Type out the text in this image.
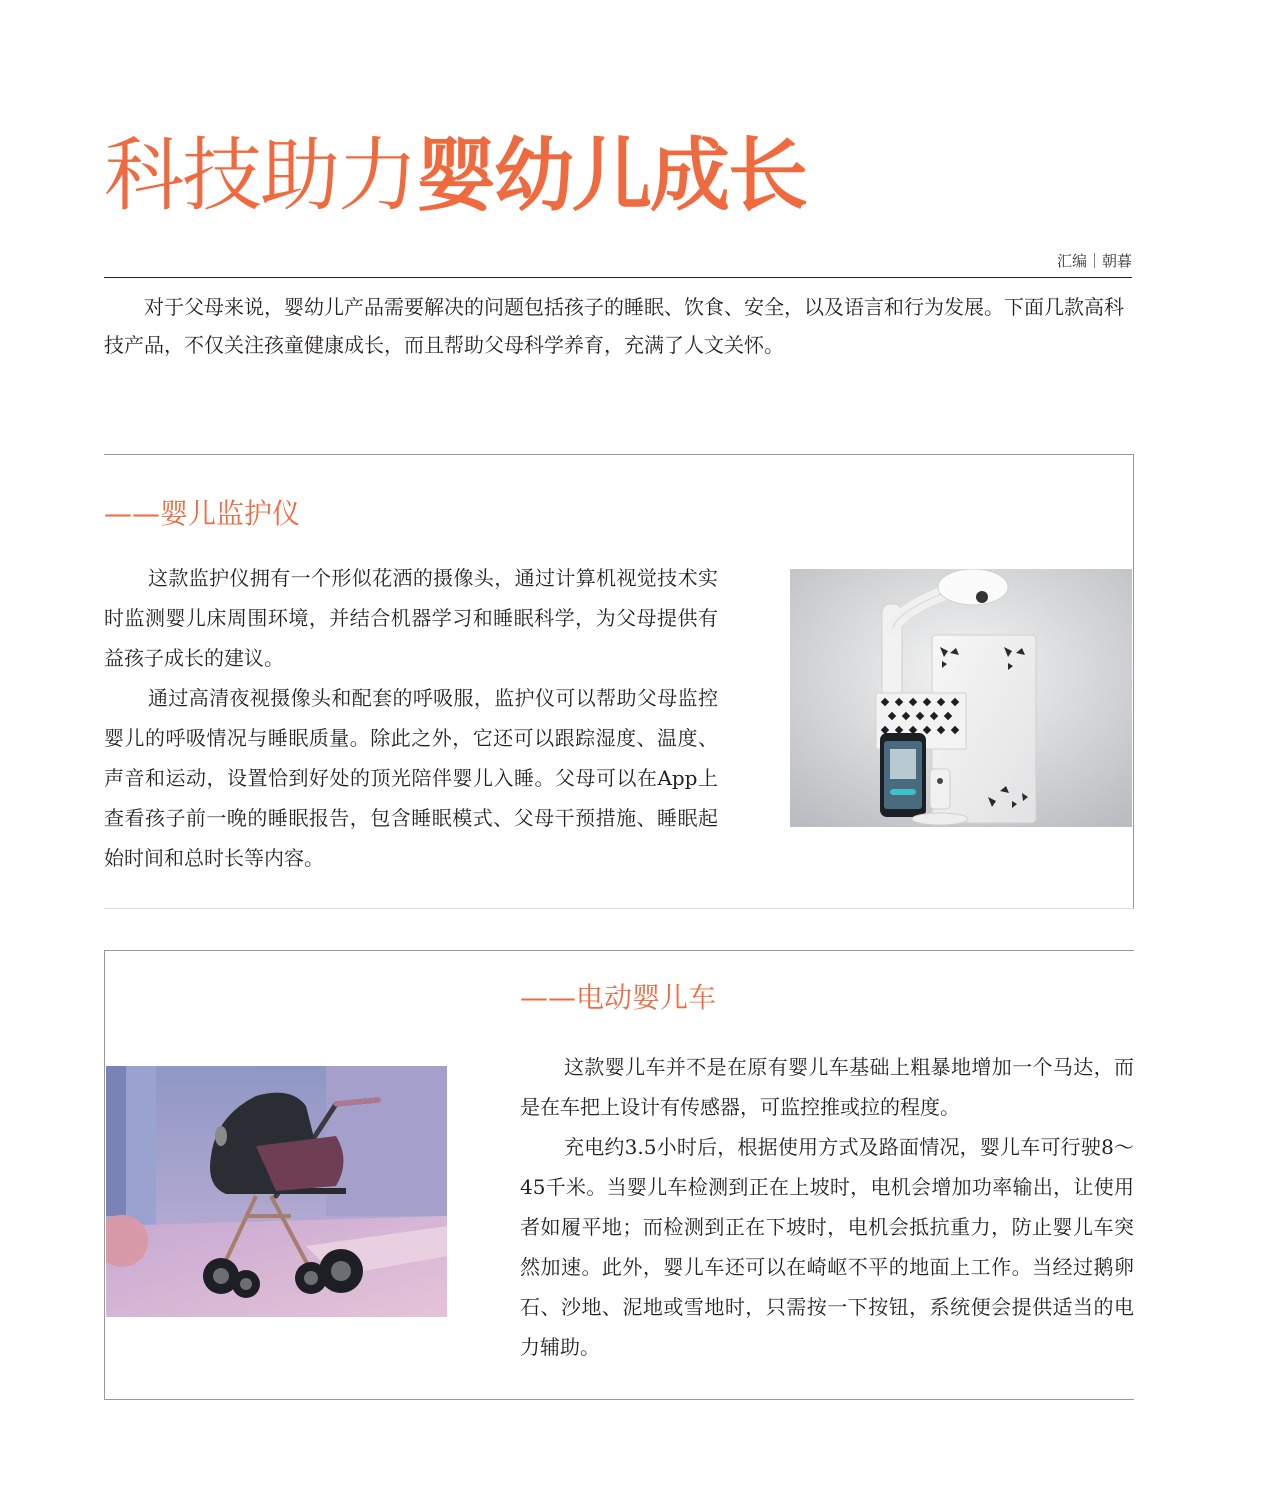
科技助力婴幼儿成长
汇编｜朝暮

对于父母来说，婴幼儿产品需要解决的问题包括孩子的睡眠、饮食、安全，以及语言和行为发展。下面几款高科技产品，不仅关注孩童健康成长，而且帮助父母科学养育，充满了人文关怀。

——婴儿监护仪

这款监护仪拥有一个形似花洒的摄像头，通过计算机视觉技术实时监测婴儿床周围环境，并结合机器学习和睡眠科学，为父母提供有益孩子成长的建议。

通过高清夜视摄像头和配套的呼吸服，监护仪可以帮助父母监控婴儿的呼吸情况与睡眠质量。除此之外，它还可以跟踪湿度、温度、声音和运动，设置恰到好处的顶光陪伴婴儿入睡。父母可以在App上查看孩子前一晚的睡眠报告，包含睡眠模式、父母干预措施、睡眠起始时间和总时长等内容。

——电动婴儿车

这款婴儿车并不是在原有婴儿车基础上粗暴地增加一个马达，而是在车把上设计有传感器，可监控推或拉的程度。

充电约3.5小时后，根据使用方式及路面情况，婴儿车可行驶8～45千米。当婴儿车检测到正在上坡时，电机会增加功率输出，让使用者如履平地；而检测到正在下坡时，电机会抵抗重力，防止婴儿车突然加速。此外，婴儿车还可以在崎岖不平的地面上工作。当经过鹅卵石、沙地、泥地或雪地时，只需按一下按钮，系统便会提供适当的电力辅助。
